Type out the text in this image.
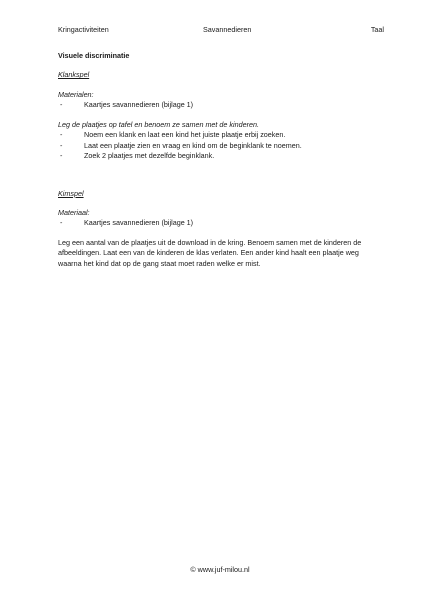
Kringactiviteiten	Savannedieren	Taal
Visuele discriminatie
Klankspel
Materialen:
-	Kaartjes savannedieren (bijlage 1)
Leg de plaatjes op tafel en benoem ze samen met de kinderen.
-	Noem een klank en laat een kind het juiste plaatje erbij zoeken.
-	Laat een plaatje zien en vraag en kind om de beginklank te noemen.
-	Zoek 2 plaatjes met dezelfde beginklank.
Kimspel
Materiaal:
-	Kaartjes savannedieren (bijlage 1)

Leg een aantal van de plaatjes uit de download in de kring. Benoem samen met de kinderen de afbeeldingen. Laat een van de kinderen de klas verlaten. Een ander kind haalt een plaatje weg waarna het kind dat op de gang staat moet raden welke er mist.

© www.juf-milou.nl
